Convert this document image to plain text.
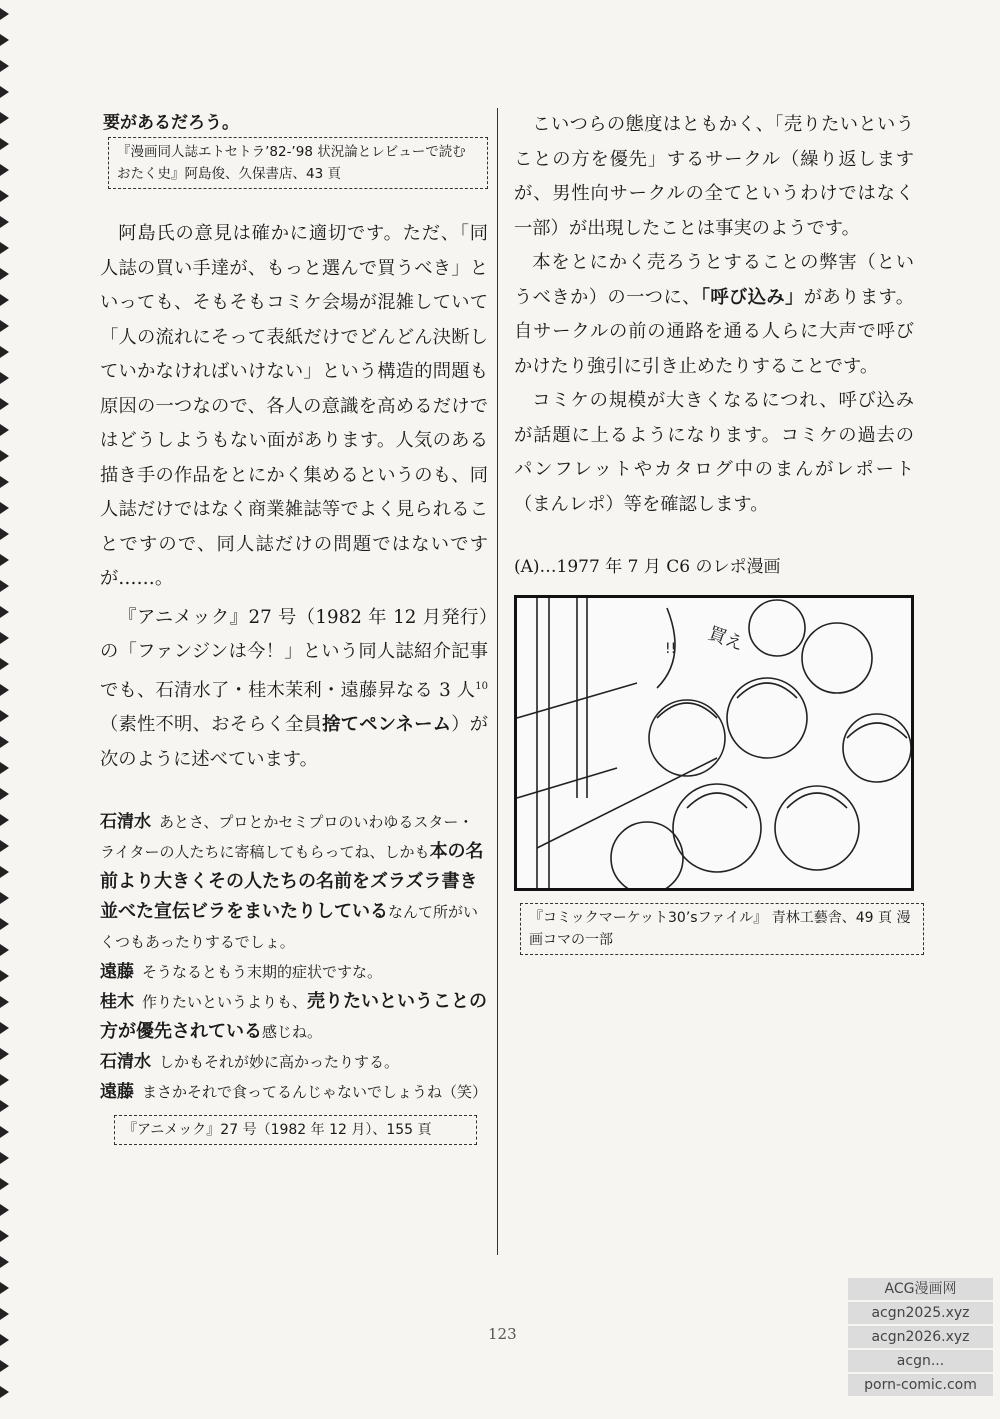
要があるだろう。

『漫画同人誌エトセトラ’82-’98 状況論とレビューで読むおたく史』阿島俊、久保書店、43 頁

阿島氏の意見は確かに適切です。ただ、「同人誌の買い手達が、もっと選んで買うべき」といっても、そもそもコミケ会場が混雑していて「人の流れにそって表紙だけでどんどん決断していかなければいけない」という構造的問題も原因の一つなので、各人の意識を高めるだけではどうしようもない面があります。人気のある描き手の作品をとにかく集めるというのも、同人誌だけではなく商業雑誌等でよく見られることですので、同人誌だけの問題ではないですが……。

『アニメック』27 号（1982 年 12 月発行）の「ファンジンは今！」という同人誌紹介記事でも、石清水了・桂木茉利・遠藤昇なる 3 人$^{10}$（素性不明、おそらく全員捨てペンネーム）が次のように述べています。

石清水 あとさ、プロとかセミプロのいわゆるスター・ライターの人たちに寄稿してもらってね、しかも本の名前より大きくその人たちの名前をズラズラ書き並べた宣伝ビラをまいたりしているなんて所がいくつもあったりするでしょ。

遠藤 そうなるともう末期的症状ですな。

桂木 作りたいというよりも、売りたいということの方が優先されている感じね。

石清水 しかもそれが妙に高かったりする。

遠藤 まさかそれで食ってるんじゃないでしょうね（笑）

『アニメック』27 号（1982 年 12 月）、155 頁

こいつらの態度はともかく、「売りたいということの方を優先」するサークル（繰り返しますが、男性向サークルの全てというわけではなく一部）が出現したことは事実のようです。

本をとにかく売ろうとすることの弊害（というべきか）の一つに、「呼び込み」があります。自サークルの前の通路を通る人らに大声で呼びかけたり強引に引き止めたりすることです。

コミケの規模が大きくなるにつれ、呼び込みが話題に上るようになります。コミケの過去のパンフレットやカタログ中のまんがレポート（まんレポ）等を確認します。

(A)…1977 年 7 月 C6 のレポ漫画

!! 買え

『コミックマーケット30’sファイル』 青林工藝舎、49 頁 漫画コマの一部

123
ACG漫画网
acgn2025.xyz
acgn2026.xyz
acgn...
porn-comic.com
